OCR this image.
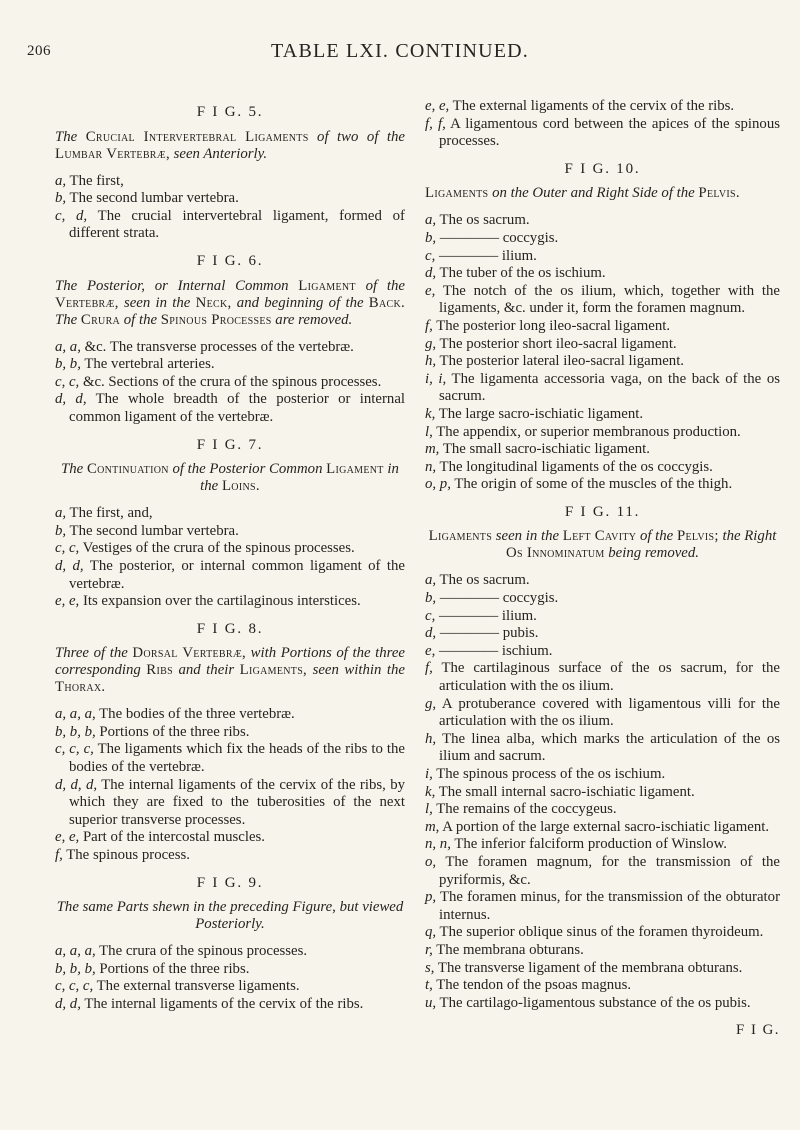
206	TABLE LXI. CONTINUED.
F I G. 5.
The Crucial Intervertebral Ligaments of two of the Lumbar Vertebræ, seen Anteriorly.

a, The first,

b, The second lumbar vertebra.

c, d, The crucial intervertebral ligament, formed of different strata.

F I G. 6.
The Posterior, or Internal Common Ligament of the Vertebræ, seen in the Neck, and beginning of the Back. The Crura of the Spinous Processes are removed.

a, a, &c. The transverse processes of the vertebræ.

b, b, The vertebral arteries.

c, c, &c. Sections of the crura of the spinous processes.

d, d, The whole breadth of the posterior or internal common ligament of the vertebræ.

F I G. 7.
The Continuation of the Posterior Common Ligament in the Loins.

a, The first, and,

b, The second lumbar vertebra.

c, c, Vestiges of the crura of the spinous processes.

d, d, The posterior, or internal common ligament of the vertebræ.

e, e, Its expansion over the cartilaginous interstices.

F I G. 8.
Three of the Dorsal Vertebræ, with Portions of the three corresponding Ribs and their Ligaments, seen within the Thorax.

a, a, a, The bodies of the three vertebræ.

b, b, b, Portions of the three ribs.

c, c, c, The ligaments which fix the heads of the ribs to the bodies of the vertebræ.

d, d, d, The internal ligaments of the cervix of the ribs, by which they are fixed to the tuberosities of the next superior transverse processes.

e, e, Part of the intercostal muscles.

f, The spinous process.

F I G. 9.
The same Parts shewn in the preceding Figure, but viewed Posteriorly.

a, a, a, The crura of the spinous processes.

b, b, b, Portions of the three ribs.

c, c, c, The external transverse ligaments.

d, d, The internal ligaments of the cervix of the ribs.

e, e, The external ligaments of the cervix of the ribs.

f, f, A ligamentous cord between the apices of the spinous processes.

F I G. 10.
Ligaments on the Outer and Right Side of the Pelvis.

a, The os sacrum.

b, ———— coccygis.

c, ———— ilium.

d, The tuber of the os ischium.

e, The notch of the os ilium, which, together with the ligaments, &c. under it, form the foramen magnum.

f, The posterior long ileo-sacral ligament.

g, The posterior short ileo-sacral ligament.

h, The posterior lateral ileo-sacral ligament.

i, i, The ligamenta accessoria vaga, on the back of the os sacrum.

k, The large sacro-ischiatic ligament.

l, The appendix, or superior membranous production.

m, The small sacro-ischiatic ligament.

n, The longitudinal ligaments of the os coccygis.

o, p, The origin of some of the muscles of the thigh.

F I G. 11.
Ligaments seen in the Left Cavity of the Pelvis; the Right Os Innominatum being removed.

a, The os sacrum.

b, ———— coccygis.

c, ———— ilium.

d, ———— pubis.

e, ———— ischium.

f, The cartilaginous surface of the os sacrum, for the articulation with the os ilium.

g, A protuberance covered with ligamentous villi for the articulation with the os ilium.

h, The linea alba, which marks the articulation of the os ilium and sacrum.

i, The spinous process of the os ischium.

k, The small internal sacro-ischiatic ligament.

l, The remains of the coccygeus.

m, A portion of the large external sacro-ischiatic ligament.

n, n, The inferior falciform production of Winslow.

o, The foramen magnum, for the transmission of the pyriformis, &c.

p, The foramen minus, for the transmission of the obturator internus.

q, The superior oblique sinus of the foramen thyroideum.

r, The membrana obturans.

s, The transverse ligament of the membrana obturans.

t, The tendon of the psoas magnus.

u, The cartilago-ligamentous substance of the os pubis.

F I G.
